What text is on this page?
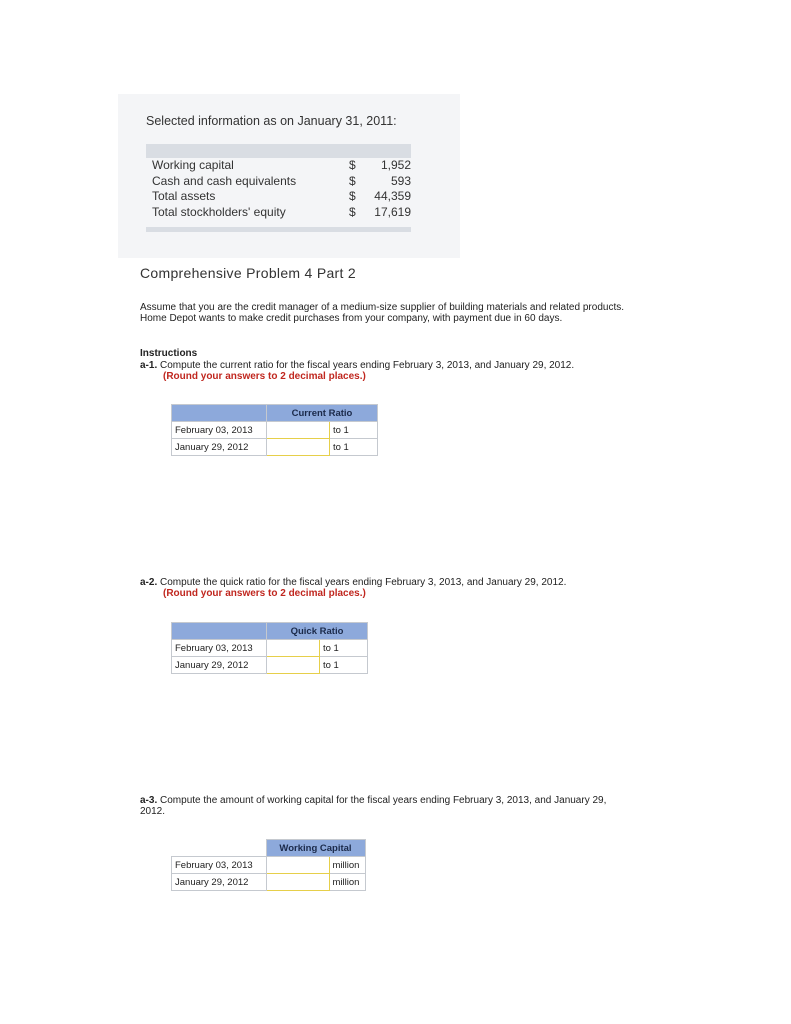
Selected information as on January 31, 2011:
Working capital	$ 1,952
Cash and cash equivalents	$	593
Total assets	$ 44,359
Total stockholders' equity	$ 17,619
Comprehensive Problem 4 Part 2
Assume that you are the credit manager of a medium-size supplier of building materials and related products. Home Depot wants to make credit purchases from your company, with payment due in 60 days.
Instructions
a-1. Compute the current ratio for the fiscal years ending February 3, 2013, and January 29, 2012.
(Round your answers to 2 decimal places.)
	Current Ratio	
February 03, 2013		to 1
January 29, 2012		to 1
a-2. Compute the quick ratio for the fiscal years ending February 3, 2013, and January 29, 2012.
(Round your answers to 2 decimal places.)
	Quick Ratio	
February 03, 2013		to 1
January 29, 2012		to 1
a-3. Compute the amount of working capital for the fiscal years ending February 3, 2013, and January 29, 2012.
	Working Capital	
February 03, 2013		million
January 29, 2012		million
